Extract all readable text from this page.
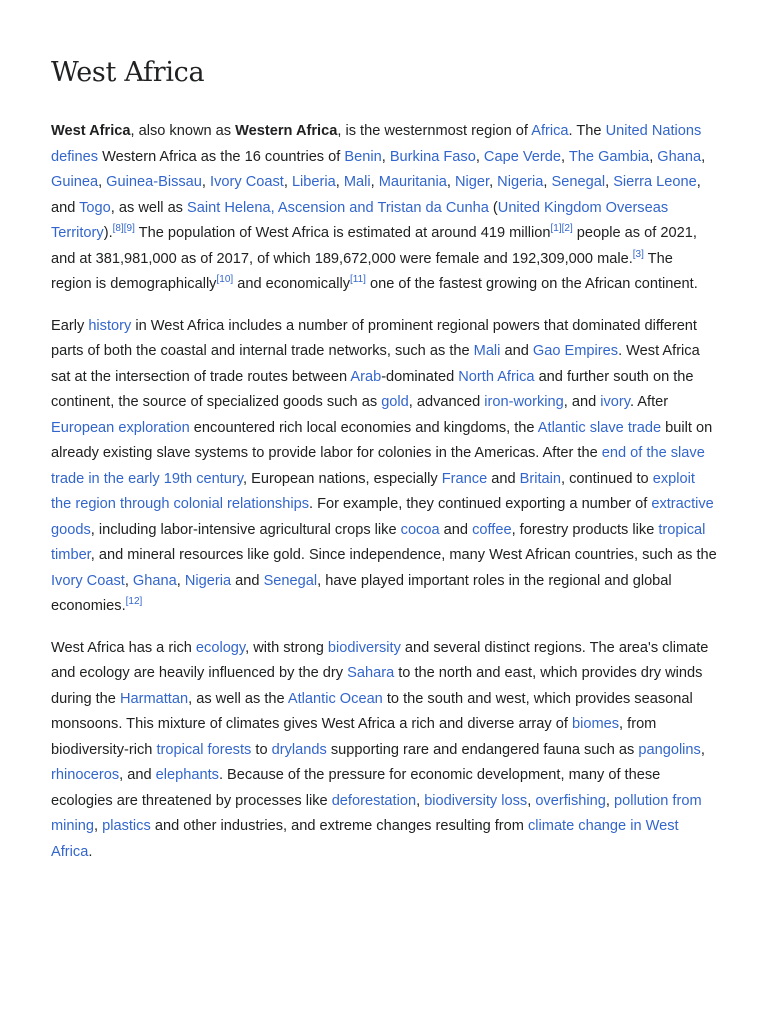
West Africa

West Africa, also known as Western Africa, is the westernmost region of Africa. The United Nations defines Western Africa as the 16 countries of Benin, Burkina Faso, Cape Verde, The Gambia, Ghana, Guinea, Guinea-Bissau, Ivory Coast, Liberia, Mali, Mauritania, Niger, Nigeria, Senegal, Sierra Leone, and Togo, as well as Saint Helena, Ascension and Tristan da Cunha (United Kingdom Overseas Territory).[8][9] The population of West Africa is estimated at around 419 million[1][2] people as of 2021, and at 381,981,000 as of 2017, of which 189,672,000 were female and 192,309,000 male.[3] The region is demographically[10] and economically[11] one of the fastest growing on the African continent.

Early history in West Africa includes a number of prominent regional powers that dominated different parts of both the coastal and internal trade networks, such as the Mali and Gao Empires. West Africa sat at the intersection of trade routes between Arab-dominated North Africa and further south on the continent, the source of specialized goods such as gold, advanced iron-working, and ivory. After European exploration encountered rich local economies and kingdoms, the Atlantic slave trade built on already existing slave systems to provide labor for colonies in the Americas. After the end of the slave trade in the early 19th century, European nations, especially France and Britain, continued to exploit the region through colonial relationships. For example, they continued exporting a number of extractive goods, including labor-intensive agricultural crops like cocoa and coffee, forestry products like tropical timber, and mineral resources like gold. Since independence, many West African countries, such as the Ivory Coast, Ghana, Nigeria and Senegal, have played important roles in the regional and global economies.[12]

West Africa has a rich ecology, with strong biodiversity and several distinct regions. The area's climate and ecology are heavily influenced by the dry Sahara to the north and east, which provides dry winds during the Harmattan, as well as the Atlantic Ocean to the south and west, which provides seasonal monsoons. This mixture of climates gives West Africa a rich and diverse array of biomes, from biodiversity-rich tropical forests to drylands supporting rare and endangered fauna such as pangolins, rhinoceros, and elephants. Because of the pressure for economic development, many of these ecologies are threatened by processes like deforestation, biodiversity loss, overfishing, pollution from mining, plastics and other industries, and extreme changes resulting from climate change in West Africa.
